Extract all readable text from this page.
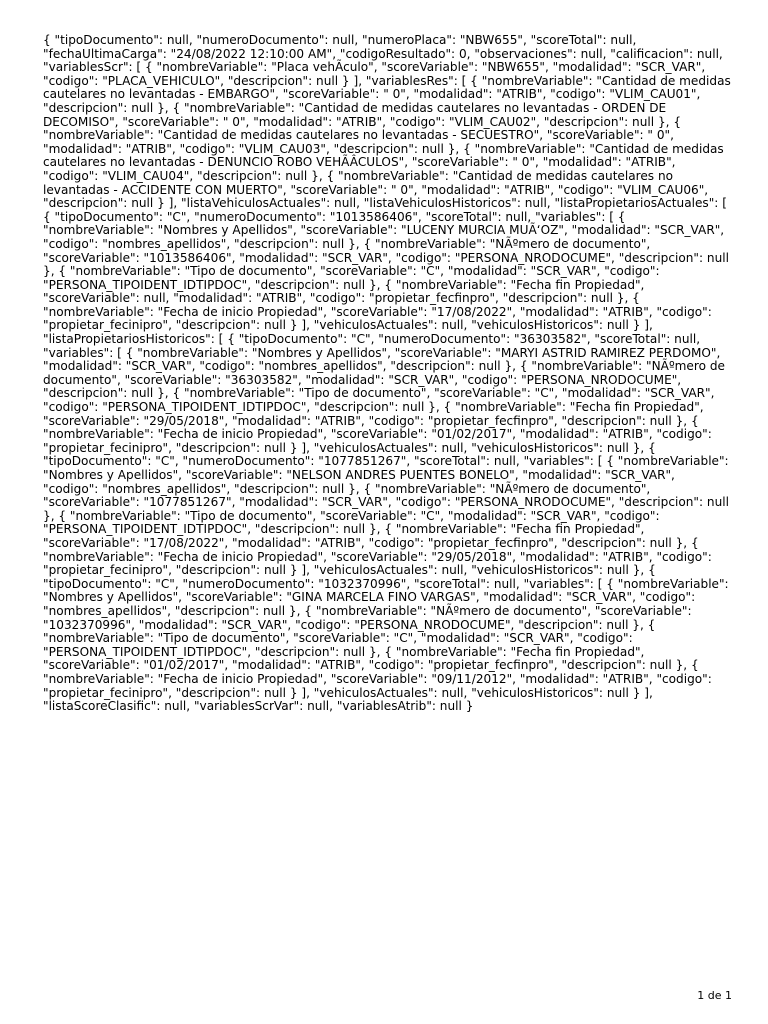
{ "tipoDocumento": null, "numeroDocumento": null, "numeroPlaca": "NBW655", "scoreTotal": null, "fechaUltimaCarga": "24/08/2022 12:10:00 AM", "codigoResultado": 0, "observaciones": null, "calificacion": null, "variablesScr": [ { "nombreVariable": "Placa vehÃculo", "scoreVariable": "NBW655", "modalidad": "SCR_VAR", "codigo": "PLACA_VEHICULO", "descripcion": null } ], "variablesRes": [ { "nombreVariable": "Cantidad de medidas cautelares no levantadas - EMBARGO", "scoreVariable": " 0", "modalidad": "ATRIB", "codigo": "VLIM_CAU01", "descripcion": null }, { "nombreVariable": "Cantidad de medidas cautelares no levantadas - ORDEN DE DECOMISO", "scoreVariable": " 0", "modalidad": "ATRIB", "codigo": "VLIM_CAU02", "descripcion": null }, { "nombreVariable": "Cantidad de medidas cautelares no levantadas - SECUESTRO", "scoreVariable": " 0", "modalidad": "ATRIB", "codigo": "VLIM_CAU03", "descripcion": null }, { "nombreVariable": "Cantidad de medidas cautelares no levantadas - DENUNCIO ROBO VEHÃÂCULOS", "scoreVariable": " 0", "modalidad": "ATRIB", "codigo": "VLIM_CAU04", "descripcion": null }, { "nombreVariable": "Cantidad de medidas cautelares no levantadas - ACCIDENTE CON MUERTO", "scoreVariable": " 0", "modalidad": "ATRIB", "codigo": "VLIM_CAU06", "descripcion": null } ], "listaVehiculosActuales": null, "listaVehiculosHistoricos": null, "listaPropietariosActuales": [ { "tipoDocumento": "C", "numeroDocumento": "1013586406", "scoreTotal": null, "variables": [ { "nombreVariable": "Nombres y Apellidos", "scoreVariable": "LUCENY MURCIA MUÃ‘OZ", "modalidad": "SCR_VAR", "codigo": "nombres_apellidos", "descripcion": null }, { "nombreVariable": "NÃºmero de documento", "scoreVariable": "1013586406", "modalidad": "SCR_VAR", "codigo": "PERSONA_NRODOCUME", "descripcion": null }, { "nombreVariable": "Tipo de documento", "scoreVariable": "C", "modalidad": "SCR_VAR", "codigo": "PERSONA_TIPOIDENT_IDTIPDOC", "descripcion": null }, { "nombreVariable": "Fecha fin Propiedad", "scoreVariable": null, "modalidad": "ATRIB", "codigo": "propietar_fecfinpro", "descripcion": null }, { "nombreVariable": "Fecha de inicio Propiedad", "scoreVariable": "17/08/2022", "modalidad": "ATRIB", "codigo": "propietar_fecinipro", "descripcion": null } ], "vehiculosActuales": null, "vehiculosHistoricos": null } ], "listaPropietariosHistoricos": [ { "tipoDocumento": "C", "numeroDocumento": "36303582", "scoreTotal": null, "variables": [ { "nombreVariable": "Nombres y Apellidos", "scoreVariable": "MARYI ASTRID RAMIREZ PERDOMO", "modalidad": "SCR_VAR", "codigo": "nombres_apellidos", "descripcion": null }, { "nombreVariable": "NÃºmero de documento", "scoreVariable": "36303582", "modalidad": "SCR_VAR", "codigo": "PERSONA_NRODOCUME", "descripcion": null }, { "nombreVariable": "Tipo de documento", "scoreVariable": "C", "modalidad": "SCR_VAR", "codigo": "PERSONA_TIPOIDENT_IDTIPDOC", "descripcion": null }, { "nombreVariable": "Fecha fin Propiedad", "scoreVariable": "29/05/2018", "modalidad": "ATRIB", "codigo": "propietar_fecfinpro", "descripcion": null }, { "nombreVariable": "Fecha de inicio Propiedad", "scoreVariable": "01/02/2017", "modalidad": "ATRIB", "codigo": "propietar_fecinipro", "descripcion": null } ], "vehiculosActuales": null, "vehiculosHistoricos": null }, { "tipoDocumento": "C", "numeroDocumento": "1077851267", "scoreTotal": null, "variables": [ { "nombreVariable": "Nombres y Apellidos", "scoreVariable": "NELSON ANDRES PUENTES BONELO", "modalidad": "SCR_VAR", "codigo": "nombres_apellidos", "descripcion": null }, { "nombreVariable": "NÃºmero de documento", "scoreVariable": "1077851267", "modalidad": "SCR_VAR", "codigo": "PERSONA_NRODOCUME", "descripcion": null }, { "nombreVariable": "Tipo de documento", "scoreVariable": "C", "modalidad": "SCR_VAR", "codigo": "PERSONA_TIPOIDENT_IDTIPDOC", "descripcion": null }, { "nombreVariable": "Fecha fin Propiedad", "scoreVariable": "17/08/2022", "modalidad": "ATRIB", "codigo": "propietar_fecfinpro", "descripcion": null }, { "nombreVariable": "Fecha de inicio Propiedad", "scoreVariable": "29/05/2018", "modalidad": "ATRIB", "codigo": "propietar_fecinipro", "descripcion": null } ], "vehiculosActuales": null, "vehiculosHistoricos": null }, { "tipoDocumento": "C", "numeroDocumento": "1032370996", "scoreTotal": null, "variables": [ { "nombreVariable": "Nombres y Apellidos", "scoreVariable": "GINA MARCELA FINO VARGAS", "modalidad": "SCR_VAR", "codigo": "nombres_apellidos", "descripcion": null }, { "nombreVariable": "NÃºmero de documento", "scoreVariable": "1032370996", "modalidad": "SCR_VAR", "codigo": "PERSONA_NRODOCUME", "descripcion": null }, { "nombreVariable": "Tipo de documento", "scoreVariable": "C", "modalidad": "SCR_VAR", "codigo": "PERSONA_TIPOIDENT_IDTIPDOC", "descripcion": null }, { "nombreVariable": "Fecha fin Propiedad", "scoreVariable": "01/02/2017", "modalidad": "ATRIB", "codigo": "propietar_fecfinpro", "descripcion": null }, { "nombreVariable": "Fecha de inicio Propiedad", "scoreVariable": "09/11/2012", "modalidad": "ATRIB", "codigo": "propietar_fecinipro", "descripcion": null } ], "vehiculosActuales": null, "vehiculosHistoricos": null } ], "listaScoreClasific": null, "variablesScrVar": null, "variablesAtrib": null }
1 de 1
